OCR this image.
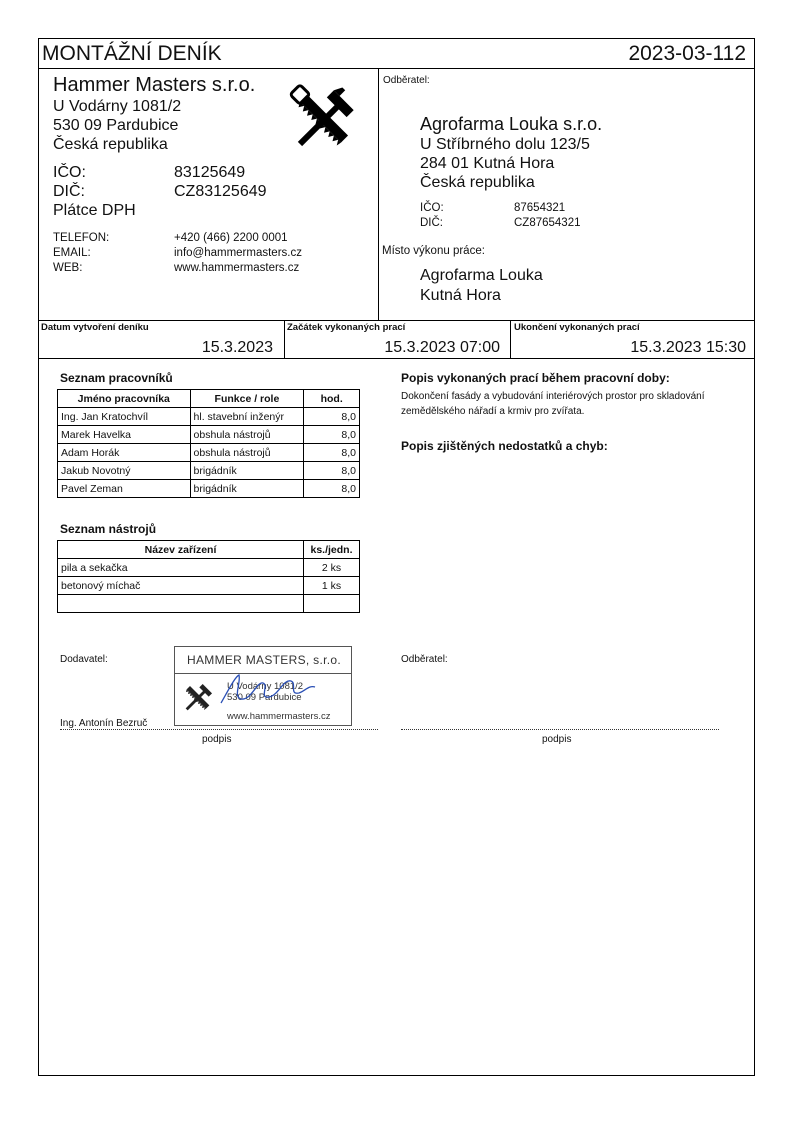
MONTÁŽNÍ DENÍK	2023-03-112
Hammer Masters s.r.o.
U Vodárny 1081/2
530 09 Pardubice
Česká republika
IČO:	83125649
DIČ:	CZ83125649
Plátce DPH
TELEFON:	+420 (466) 2200 0001
EMAIL:	info@hammermasters.cz
WEB:	www.hammermasters.cz
Odběratel:
Agrofarma Louka s.r.o.
U Stříbrného dolu 123/5
284 01 Kutná Hora
Česká republika
IČO:	87654321
DIČ:	CZ87654321
Místo výkonu práce:
Agrofarma Louka
Kutná Hora
Datum vytvoření deníku
15.3.2023
Začátek vykonaných prací
15.3.2023 07:00
Ukončení vykonaných prací
15.3.2023 15:30
Seznam pracovníků
Jméno pracovníka	Funkce / role	hod.
Ing. Jan Kratochvíl	hl. stavební inženýr	8,0
Marek Havelka	obshula nástrojů	8,0
Adam Horák	obshula nástrojů	8,0
Jakub Novotný	brigádník	8,0
Pavel Zeman	brigádník	8,0
Seznam nástrojů
Název zařízení	ks./jedn.
pila a sekačka	2 ks
betonový míchač	1 ks

Popis vykonaných prací během pracovní doby:
Dokončení fasády a vybudování interiérových prostor pro skladování
zemědělského nářadí a krmiv pro zvířata.
Popis zjištěných nedostatků a chyb:
Dodavatel:
Ing. Antonín Bezruč
podpis
Odběratel:
podpis
HAMMER MASTERS, s.r.o.
U Vodárny 1081/2
530 09 Pardubice
www.hammermasters.cz
